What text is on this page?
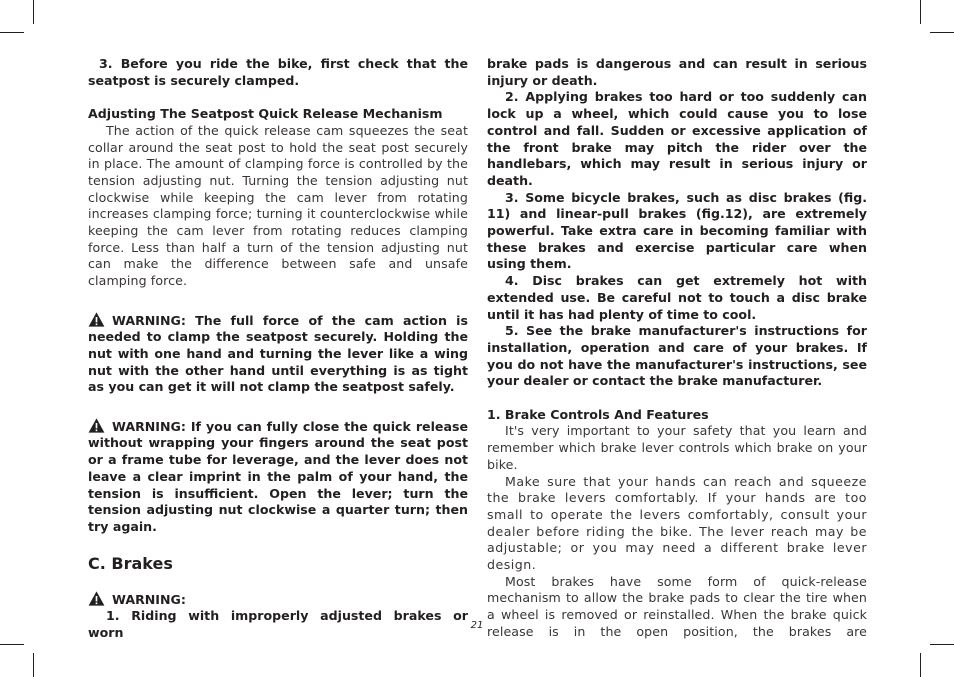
3. Before you ride the bike, first check that the seatpost is securely clamped.

Adjusting The Seatpost Quick Release Mechanism

The action of the quick release cam squeezes the seat collar around the seat post to hold the seat post securely in place. The amount of clamping force is controlled by the tension adjusting nut. Turning the tension adjusting nut clockwise while keeping the cam lever from rotating increases clamping force; turning it counterclockwise while keeping the cam lever from rotating reduces clamping force. Less than half a turn of the tension adjusting nut can make the difference between safe and unsafe clamping force.

WARNING: The full force of the cam action is needed to clamp the seatpost securely. Holding the nut with one hand and turning the lever like a wing nut with the other hand until everything is as tight as you can get it will not clamp the seatpost safely.

WARNING: If you can fully close the quick release without wrapping your fingers around the seat post or a frame tube for leverage, and the lever does not leave a clear imprint in the palm of your hand, the tension is insufficient. Open the lever; turn the tension adjusting nut clockwise a quarter turn; then try again.

C. Brakes

WARNING:

1. Riding with improperly adjusted brakes or worn

brake pads is dangerous and can result in serious injury or death.

2. Applying brakes too hard or too suddenly can lock up a wheel, which could cause you to lose control and fall. Sudden or excessive application of the front brake may pitch the rider over the handlebars, which may result in serious injury or death.

3. Some bicycle brakes, such as disc brakes (fig. 11) and linear-pull brakes (fig.12), are extremely powerful. Take extra care in becoming familiar with these brakes and exercise particular care when using them.

4. Disc brakes can get extremely hot with extended use. Be careful not to touch a disc brake until it has had plenty of time to cool.

5. See the brake manufacturer's instructions for installation, operation and care of your brakes. If you do not have the manufacturer's instructions, see your dealer or contact the brake manufacturer.

1. Brake Controls And Features

It's very important to your safety that you learn and remember which brake lever controls which brake on your bike.

Make sure that your hands can reach and squeeze the brake levers comfortably. If your hands are too small to operate the levers comfortably, consult your dealer before riding the bike. The lever reach may be adjustable; or you may need a different brake lever design.

Most brakes have some form of quick-release mechanism to allow the brake pads to clear the tire when a wheel is removed or reinstalled. When the brake quick release is in the open position, the brakes are

21
